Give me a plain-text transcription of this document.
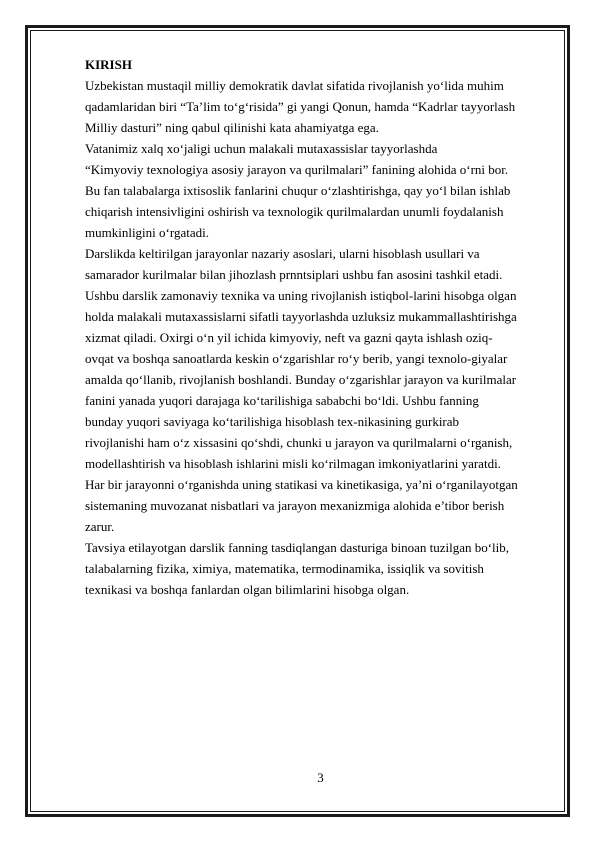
KIRISH

Uzbekistan mustaqil milliy demokratik davlat sifatida rivojlanish yo‘lida muhim

qadamlaridan biri “Ta’lim to‘g‘risida” gi yangi Qonun, hamda “Kadrlar tayyorlash

Milliy dasturi” ning qabul qilinishi kata ahamiyatga ega.

Vatanimiz xalq xo‘jaligi uchun malakali mutaxassislar tayyorlashda

“Kimyoviy texnologiya asosiy jarayon va qurilmalari” fanining alohida o‘rni bor.

Bu fan talabalarga ixtisoslik fanlarini chuqur o‘zlashtirishga, qay yo‘l bilan ishlab

chiqarish intensivligini oshirish va texnologik qurilmalardan unumli foydalanish

mumkinligini o‘rgatadi.

Darslikda keltirilgan jarayonlar nazariy asoslari, ularni hisoblash usullari va

samarador kurilmalar bilan jihozlash prnntsiplari ushbu fan asosini tashkil etadi.

Ushbu darslik zamonaviy texnika va uning rivojlanish istiqbol-larini hisobga olgan

holda malakali mutaxassislarni sifatli tayyorlashda uzluksiz mukammallashtirishga

xizmat qiladi. Oxirgi o‘n yil ichida kimyoviy, neft va gazni qayta ishlash oziq-

ovqat va boshqa sanoatlarda keskin o‘zgarishlar ro‘y berib, yangi texnolo-giyalar

amalda qo‘llanib, rivojlanish boshlandi. Bunday o‘zgarishlar jarayon va kurilmalar

fanini yanada yuqori darajaga ko‘tarilishiga sababchi bo‘ldi. Ushbu fanning

bunday yuqori saviyaga ko‘tarilishiga hisoblash tex-nikasining gurkirab

rivojlanishi ham o‘z xissasini qo‘shdi, chunki u jarayon va qurilmalarni o‘rganish,

modellashtirish va hisoblash ishlarini misli ko‘rilmagan imkoniyatlarini yaratdi.

Har bir jarayonni o‘rganishda uning statikasi va kinetikasiga, ya’ni o‘rganilayotgan

sistemaning muvozanat nisbatlari va jarayon mexanizmiga alohida e’tibor berish

zarur.

Tavsiya etilayotgan darslik fanning tasdiqlangan dasturiga binoan tuzilgan bo‘lib,

talabalarning fizika, ximiya, matematika, termodinamika, issiqlik va sovitish

texnikasi va boshqa fanlardan olgan bilimlarini hisobga olgan.

3
